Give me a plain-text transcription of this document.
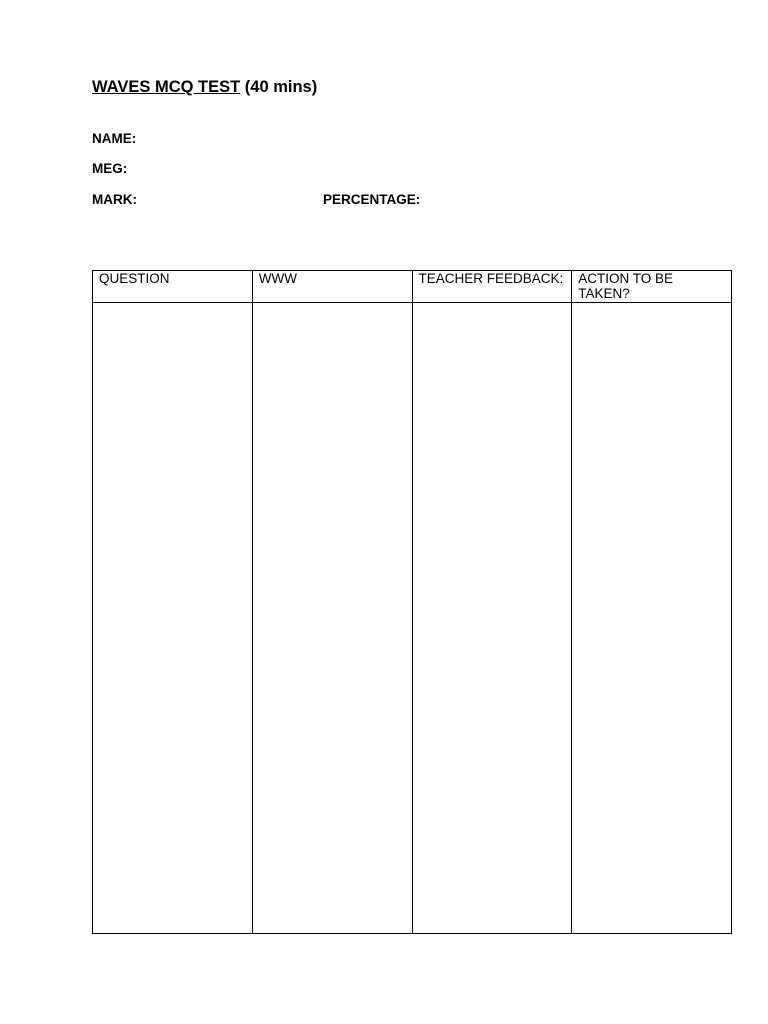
WAVES MCQ TEST (40 mins)
NAME:
MEG:
MARK:	PERCENTAGE:
QUESTION	WWW	TEACHER FEEDBACK:	ACTION TO BE TAKEN?
